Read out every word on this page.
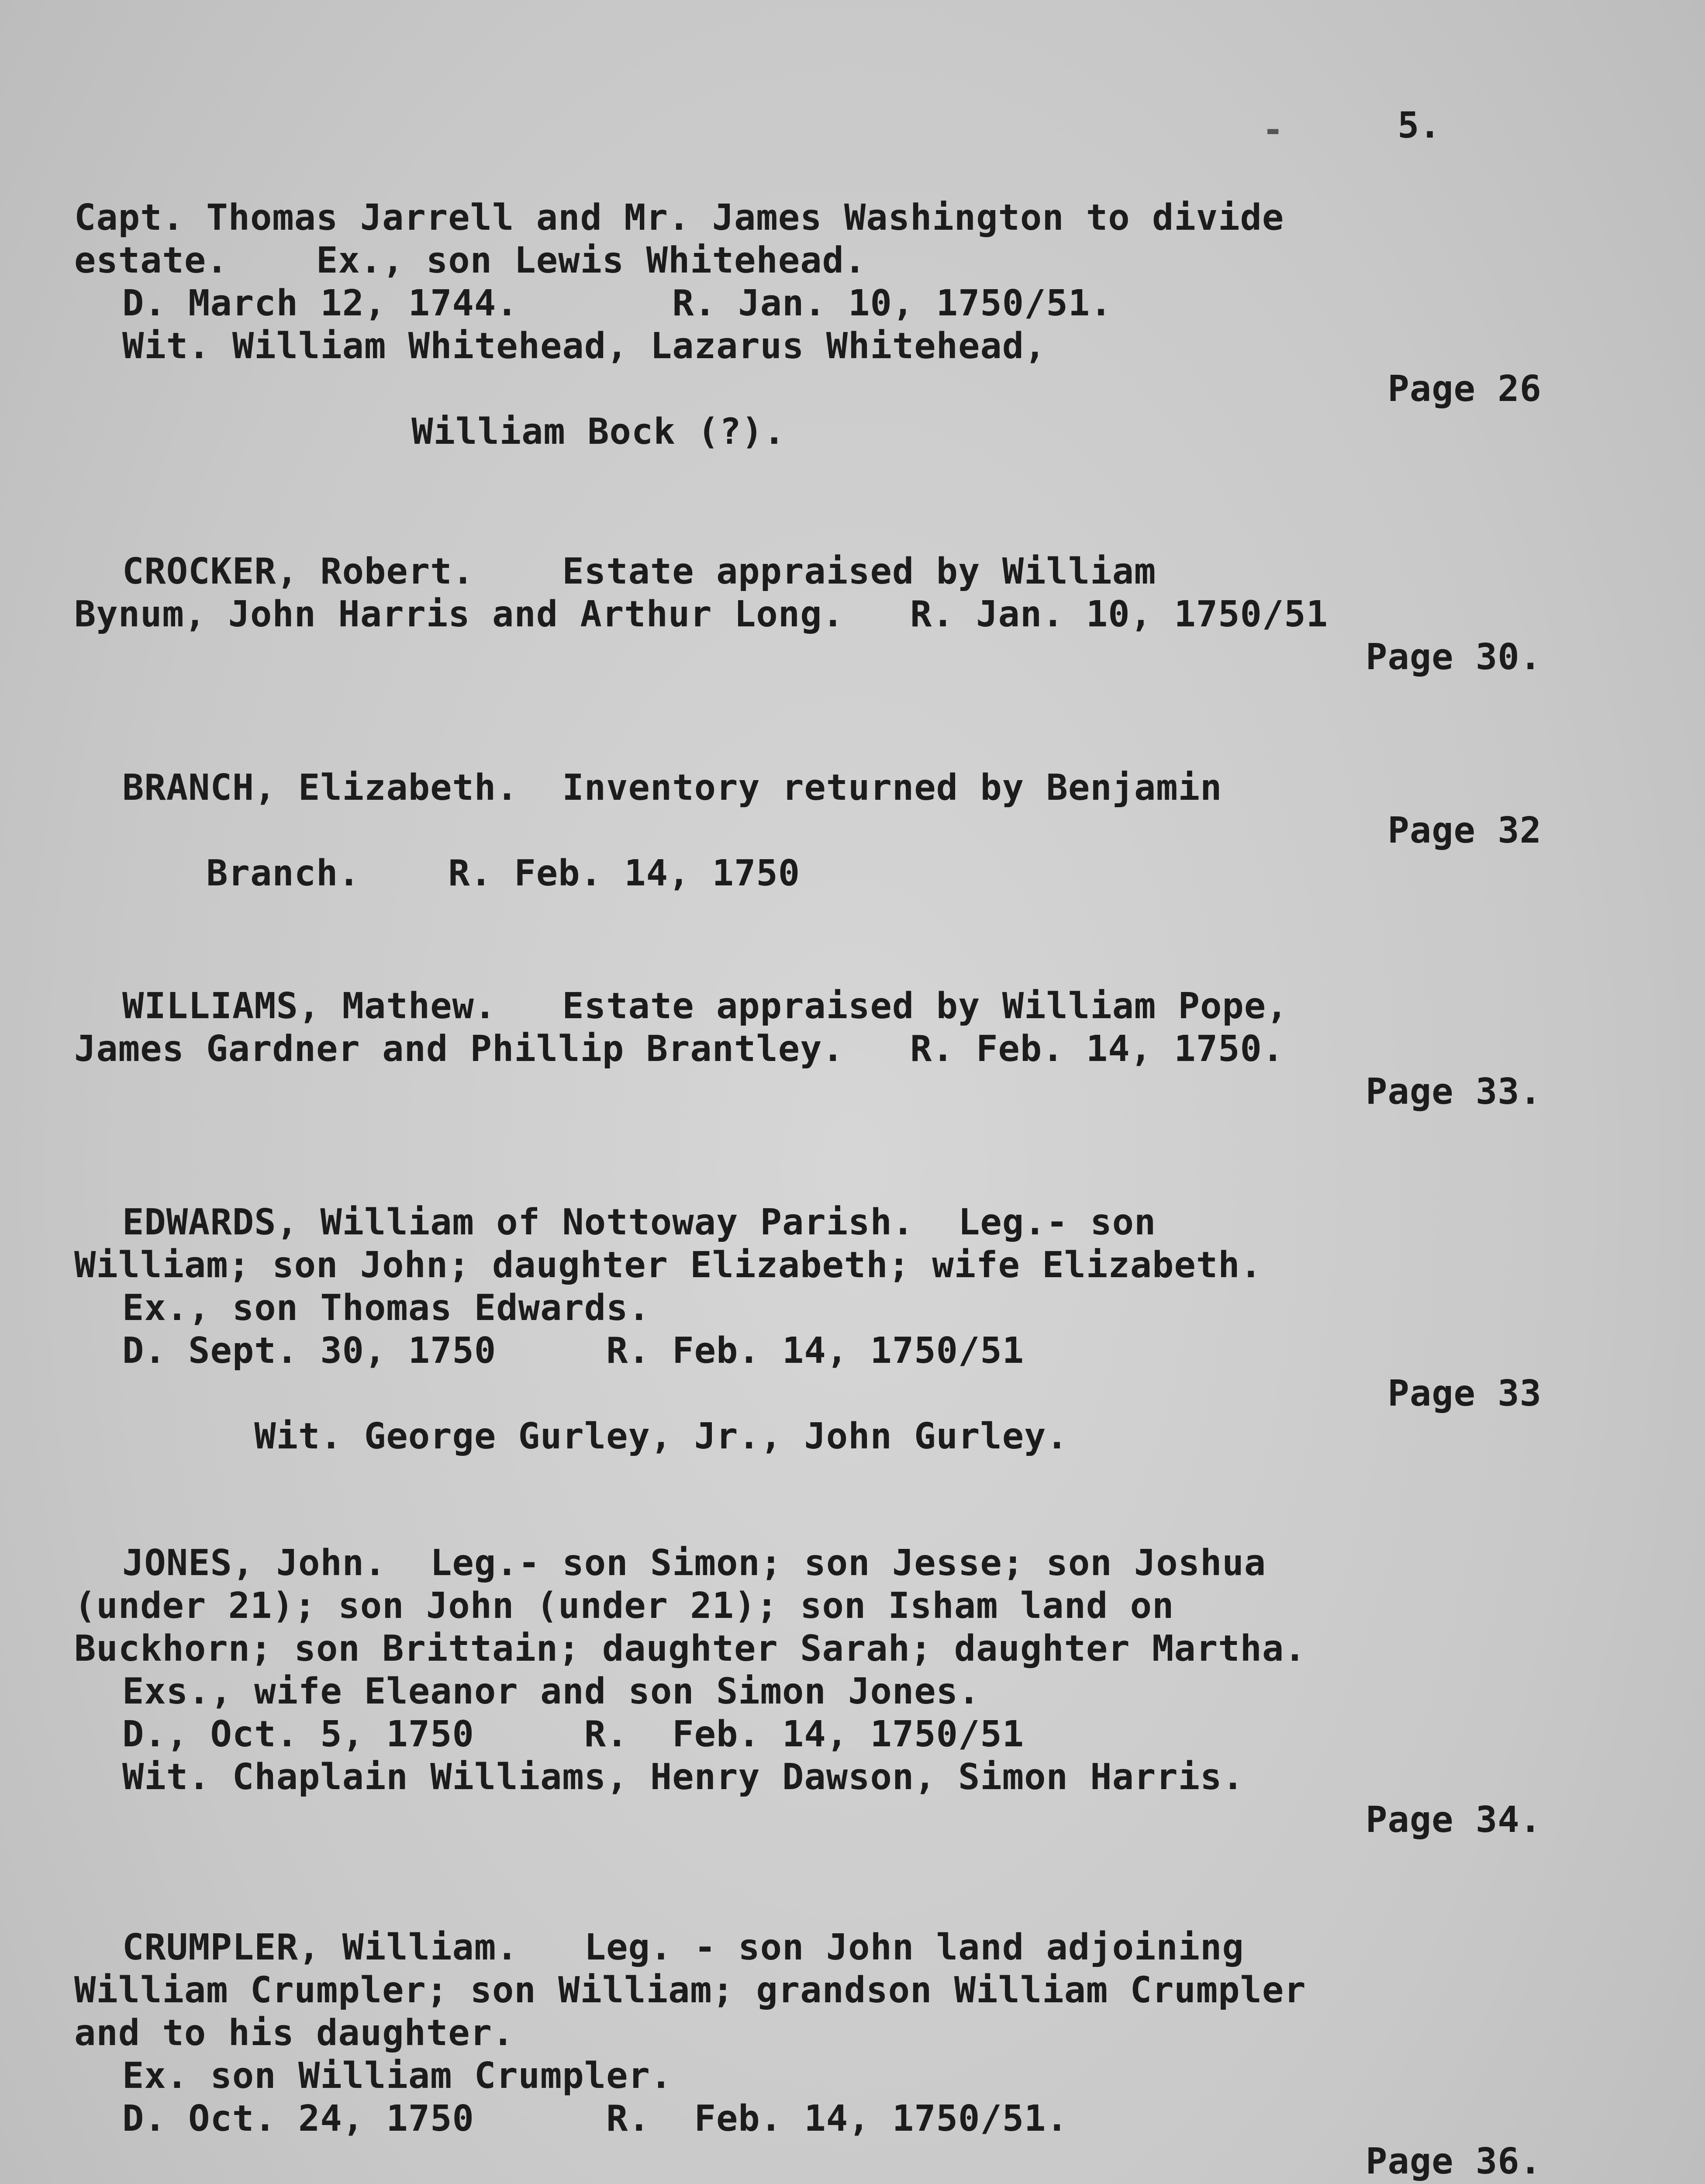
-	5.
Capt. Thomas Jarrell and Mr. James Washington to divide
estate.    Ex., son Lewis Whitehead.
D. March 12, 1744.       R. Jan. 10, 1750/51.
Wit. William Whitehead, Lazarus Whitehead,

William Bock (?).

Page 26

CROCKER, Robert.    Estate appraised by William
Bynum, John Harris and Arthur Long.   R. Jan. 10, 1750/51

Page 30.

BRANCH, Elizabeth.  Inventory returned by Benjamin

Branch.    R. Feb. 14, 1750

Page 32

WILLIAMS, Mathew.   Estate appraised by William Pope,
James Gardner and Phillip Brantley.   R. Feb. 14, 1750.

Page 33.

EDWARDS, William of Nottoway Parish.  Leg.- son
William; son John; daughter Elizabeth; wife Elizabeth.
Ex., son Thomas Edwards.
D. Sept. 30, 1750     R. Feb. 14, 1750/51

Wit. George Gurley, Jr., John Gurley.

Page 33

JONES, John.  Leg.- son Simon; son Jesse; son Joshua
(under 21); son John (under 21); son Isham land on
Buckhorn; son Brittain; daughter Sarah; daughter Martha.
Exs., wife Eleanor and son Simon Jones.
D., Oct. 5, 1750     R.  Feb. 14, 1750/51
Wit. Chaplain Williams, Henry Dawson, Simon Harris.

Page 34.

CRUMPLER, William.   Leg. - son John land adjoining
William Crumpler; son William; grandson William Crumpler
and to his daughter.
Ex. son William Crumpler.
D. Oct. 24, 1750      R.  Feb. 14, 1750/51.

Page 36.
